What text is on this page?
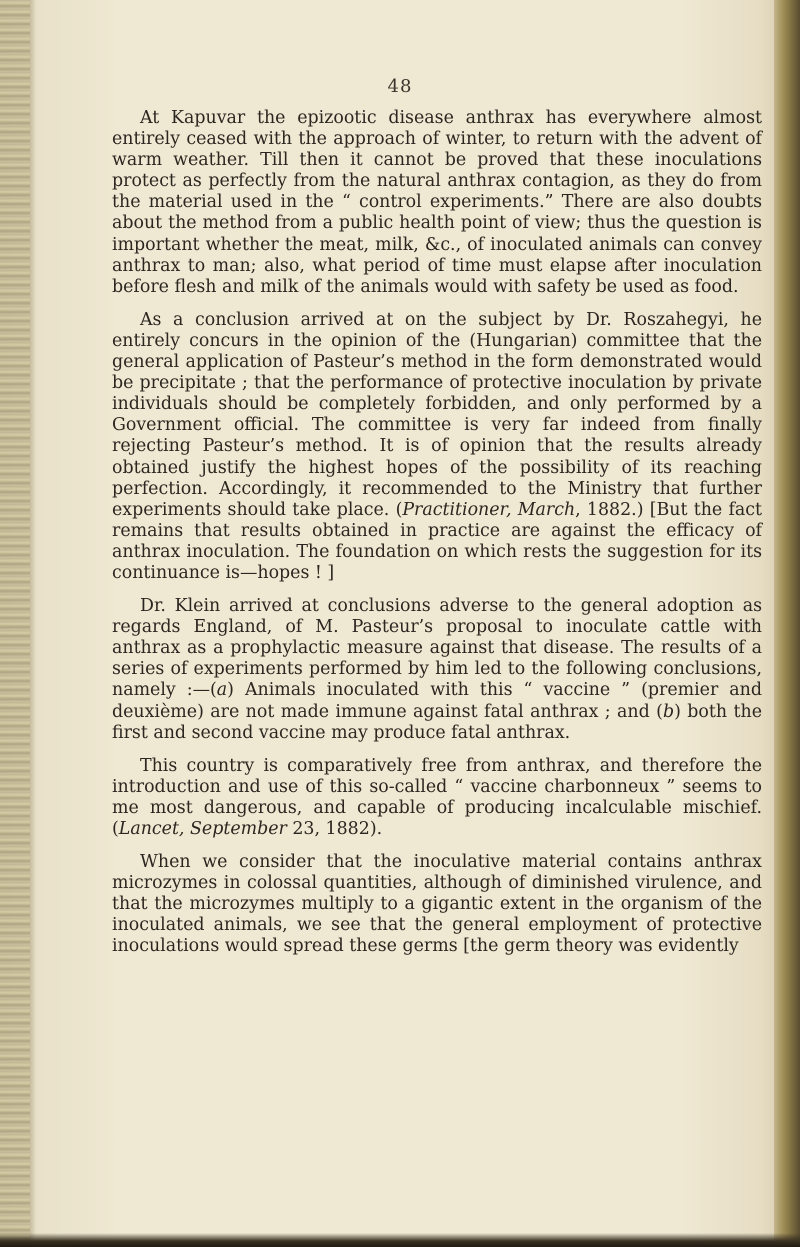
48

At Kapuvar the epizootic disease anthrax has everywhere almost entirely ceased with the approach of winter, to return with the advent of warm weather. Till then it cannot be proved that these inoculations protect as perfectly from the natural anthrax contagion, as they do from the material used in the “ control experiments.” There are also doubts about the method from a public health point of view; thus the question is important whether the meat, milk, &c., of inoculated animals can convey anthrax to man; also, what period of time must elapse after inoculation before flesh and milk of the animals would with safety be used as food.

As a conclusion arrived at on the subject by Dr. Roszahegyi, he entirely concurs in the opinion of the (Hungarian) committee that the general application of Pasteur’s method in the form demonstrated would be precipitate ; that the performance of protective inoculation by private individuals should be completely forbidden, and only performed by a Government official. The committee is very far indeed from finally rejecting Pasteur’s method. It is of opinion that the results already obtained justify the highest hopes of the possibility of its reaching perfection. Accordingly, it recommended to the Ministry that further experiments should take place. (Practitioner, March, 1882.) [But the fact remains that results obtained in practice are against the efficacy of anthrax inoculation. The foundation on which rests the suggestion for its continuance is—hopes ! ]

Dr. Klein arrived at conclusions adverse to the general adoption as regards England, of M. Pasteur’s proposal to inoculate cattle with anthrax as a prophylactic measure against that disease. The results of a series of experiments performed by him led to the following conclusions, namely :—(a) Animals inoculated with this “ vaccine ” (premier and deuxième) are not made immune against fatal anthrax ; and (b) both the first and second vaccine may produce fatal anthrax.

This country is comparatively free from anthrax, and therefore the introduction and use of this so-called “ vaccine charbonneux ” seems to me most dangerous, and capable of producing incalculable mischief. (Lancet, September 23, 1882).

When we consider that the inoculative material contains anthrax microzymes in colossal quantities, although of diminished virulence, and that the microzymes multiply to a gigantic extent in the organism of the inoculated animals, we see that the general employment of protective inoculations would spread these germs [the germ theory was evidently
